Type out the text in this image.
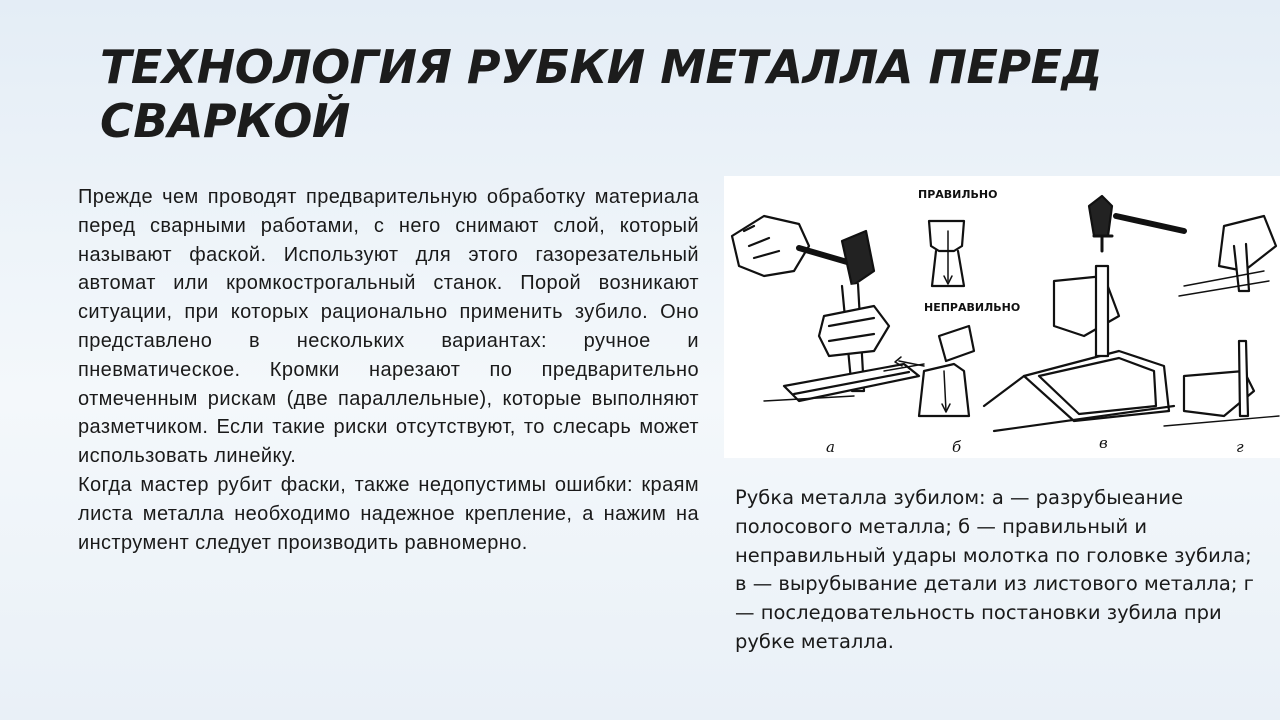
ТЕХНОЛОГИЯ РУБКИ МЕТАЛЛА ПЕРЕД СВАРКОЙ

Прежде чем проводят предварительную обработку материала перед сварными работами, с него снимают слой, который называют фаской. Используют для этого газорезательный автомат или кромкострогальный станок. Порой возникают ситуации, при которых рационально применить зубило. Оно представлено в нескольких вариантах: ручное и пневматическое. Кромки нарезают по предварительно отмеченным рискам (две параллельные), которые выполняют разметчиком. Если такие риски отсутствуют, то слесарь может использовать линейку.

Когда мастер рубит фаски, также недопустимы ошибки: краям листа металла необходимо надежное крепление, а нажим на инструмент следует производить равномерно.

ПРАВИЛЬНО
НЕПРАВИЛЬНО
а	б	в	г

Рубка металла зубилом: а — разрубыеание полосового металла; б — правильный и неправильный удары молотка по головке зубила; в — вырубывание детали из листового металла; г — последовательность постановки зубила при рубке металла.
